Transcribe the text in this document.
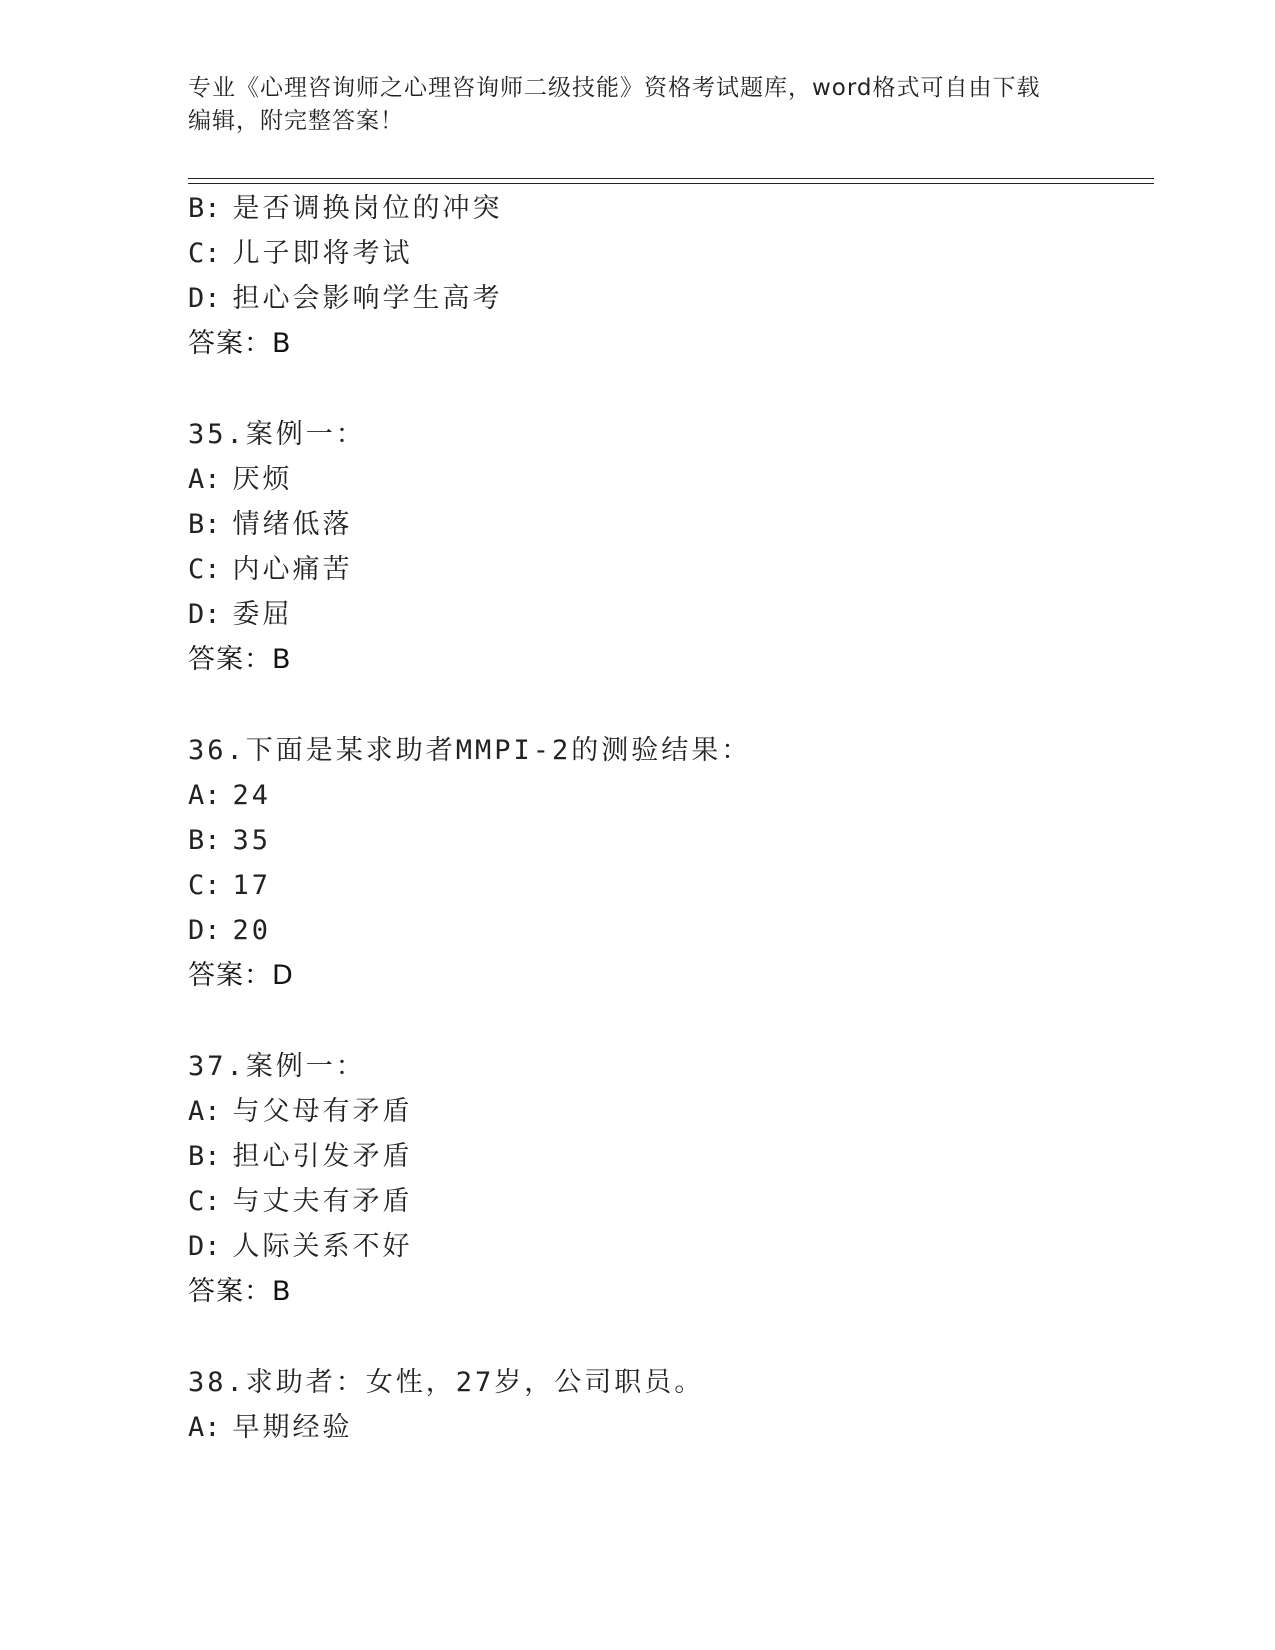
专业《心理咨询师之心理咨询师二级技能》资格考试题库，word格式可自由下载
编辑，附完整答案！
B: 是否调换岗位的冲突
C: 儿子即将考试
D: 担心会影响学生高考
答案：B
35.案例一：
A: 厌烦
B: 情绪低落
C: 内心痛苦
D: 委屈
答案：B
36.下面是某求助者MMPI-2的测验结果：
A: 24
B: 35
C: 17
D: 20
答案：D
37.案例一：
A: 与父母有矛盾
B: 担心引发矛盾
C: 与丈夫有矛盾
D: 人际关系不好
答案：B
38.求助者：女性，27岁，公司职员。
A: 早期经验
